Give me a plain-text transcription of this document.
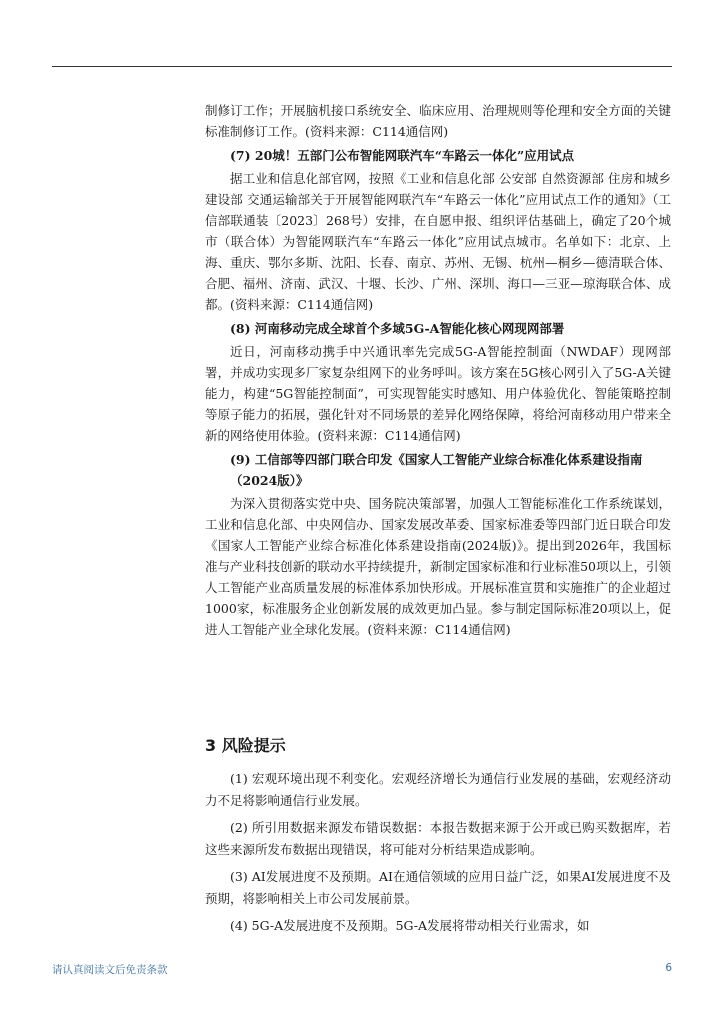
制修订工作；开展脑机接口系统安全、临床应用、治理规则等伦理和安全方面的关键标准制修订工作。(资料来源：C114通信网)

(7) 20城！五部门公布智能网联汽车“车路云一体化”应用试点

据工业和信息化部官网，按照《工业和信息化部 公安部 自然资源部 住房和城乡建设部 交通运输部关于开展智能网联汽车“车路云一体化”应用试点工作的通知》（工信部联通装〔2023〕268号）安排，在自愿申报、组织评估基础上，确定了20个城市（联合体）为智能网联汽车“车路云一体化”应用试点城市。名单如下：北京、上海、重庆、鄂尔多斯、沈阳、长春、南京、苏州、无锡、杭州—桐乡—德清联合体、合肥、福州、济南、武汉、十堰、长沙、广州、深圳、海口—三亚—琼海联合体、成都。(资料来源：C114通信网)

(8) 河南移动完成全球首个多域5G-A智能化核心网现网部署

近日，河南移动携手中兴通讯率先完成5G-A智能控制面（NWDAF）现网部署，并成功实现多厂家复杂组网下的业务呼叫。该方案在5G核心网引入了5G-A关键能力，构建“5G智能控制面”，可实现智能实时感知、用户体验优化、智能策略控制等原子能力的拓展，强化针对不同场景的差异化网络保障，将给河南移动用户带来全新的网络使用体验。(资料来源：C114通信网)

(9) 工信部等四部门联合印发《国家人工智能产业综合标准化体系建设指南（2024版）》

为深入贯彻落实党中央、国务院决策部署，加强人工智能标准化工作系统谋划，工业和信息化部、中央网信办、国家发展改革委、国家标准委等四部门近日联合印发《国家人工智能产业综合标准化体系建设指南(2024版)》。提出到2026年，我国标准与产业科技创新的联动水平持续提升，新制定国家标准和行业标准50项以上，引领人工智能产业高质量发展的标准体系加快形成。开展标准宣贯和实施推广的企业超过1000家，标准服务企业创新发展的成效更加凸显。参与制定国际标准20项以上，促进人工智能产业全球化发展。(资料来源：C114通信网)

3 风险提示

(1) 宏观环境出现不利变化。宏观经济增长为通信行业发展的基础，宏观经济动力不足将影响通信行业发展。

(2) 所引用数据来源发布错误数据：本报告数据来源于公开或已购买数据库，若这些来源所发布数据出现错误，将可能对分析结果造成影响。

(3) AI发展进度不及预期。AI在通信领域的应用日益广泛，如果AI发展进度不及预期，将影响相关上市公司发展前景。

(4) 5G-A发展进度不及预期。5G-A发展将带动相关行业需求，如

请认真阅读文后免责条款	6
